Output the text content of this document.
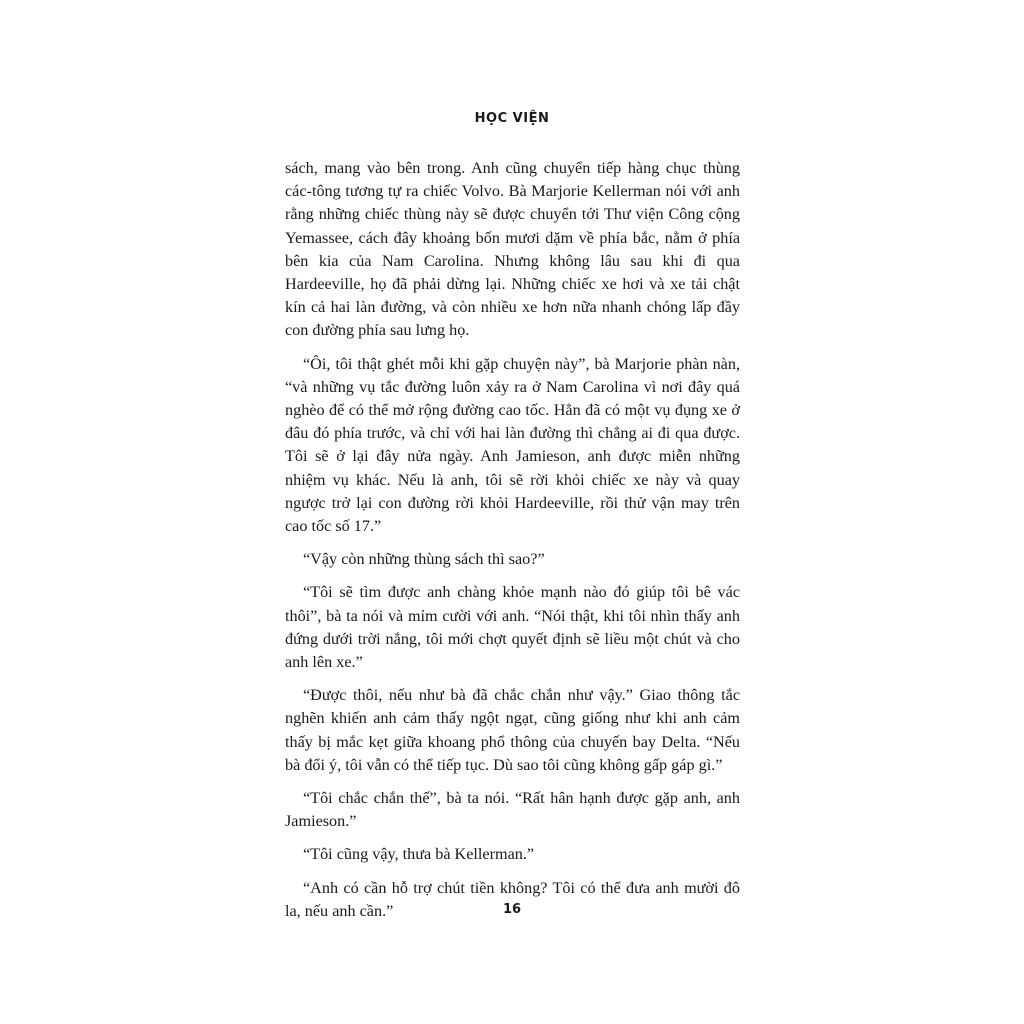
HỌC VIỆN

sách, mang vào bên trong. Anh cũng chuyển tiếp hàng chục thùng các-tông tương tự ra chiếc Volvo. Bà Marjorie Kellerman nói với anh rằng những chiếc thùng này sẽ được chuyển tới Thư viện Công cộng Yemassee, cách đây khoảng bốn mươi dặm về phía bắc, nằm ở phía bên kia của Nam Carolina. Nhưng không lâu sau khi đi qua Hardeeville, họ đã phải dừng lại. Những chiếc xe hơi và xe tải chật kín cả hai làn đường, và còn nhiều xe hơn nữa nhanh chóng lấp đầy con đường phía sau lưng họ.

“Ôi, tôi thật ghét mỗi khi gặp chuyện này”, bà Marjorie phàn nàn, “và những vụ tắc đường luôn xảy ra ở Nam Carolina vì nơi đây quá nghèo để có thể mở rộng đường cao tốc. Hẳn đã có một vụ đụng xe ở đâu đó phía trước, và chỉ với hai làn đường thì chẳng ai đi qua được. Tôi sẽ ở lại đây nửa ngày. Anh Jamieson, anh được miễn những nhiệm vụ khác. Nếu là anh, tôi sẽ rời khỏi chiếc xe này và quay ngược trở lại con đường rời khỏi Hardeeville, rồi thử vận may trên cao tốc số 17.”

“Vậy còn những thùng sách thì sao?”

“Tôi sẽ tìm được anh chàng khỏe mạnh nào đó giúp tôi bê vác thôi”, bà ta nói và mỉm cười với anh. “Nói thật, khi tôi nhìn thấy anh đứng dưới trời nắng, tôi mới chợt quyết định sẽ liều một chút và cho anh lên xe.”

“Được thôi, nếu như bà đã chắc chắn như vậy.” Giao thông tắc nghẽn khiến anh cảm thấy ngột ngạt, cũng giống như khi anh cảm thấy bị mắc kẹt giữa khoang phổ thông của chuyến bay Delta. “Nếu bà đổi ý, tôi vẫn có thể tiếp tục. Dù sao tôi cũng không gấp gáp gì.”

“Tôi chắc chắn thế”, bà ta nói. “Rất hân hạnh được gặp anh, anh Jamieson.”

“Tôi cũng vậy, thưa bà Kellerman.”

“Anh có cần hỗ trợ chút tiền không? Tôi có thể đưa anh mười đô la, nếu anh cần.”	16
